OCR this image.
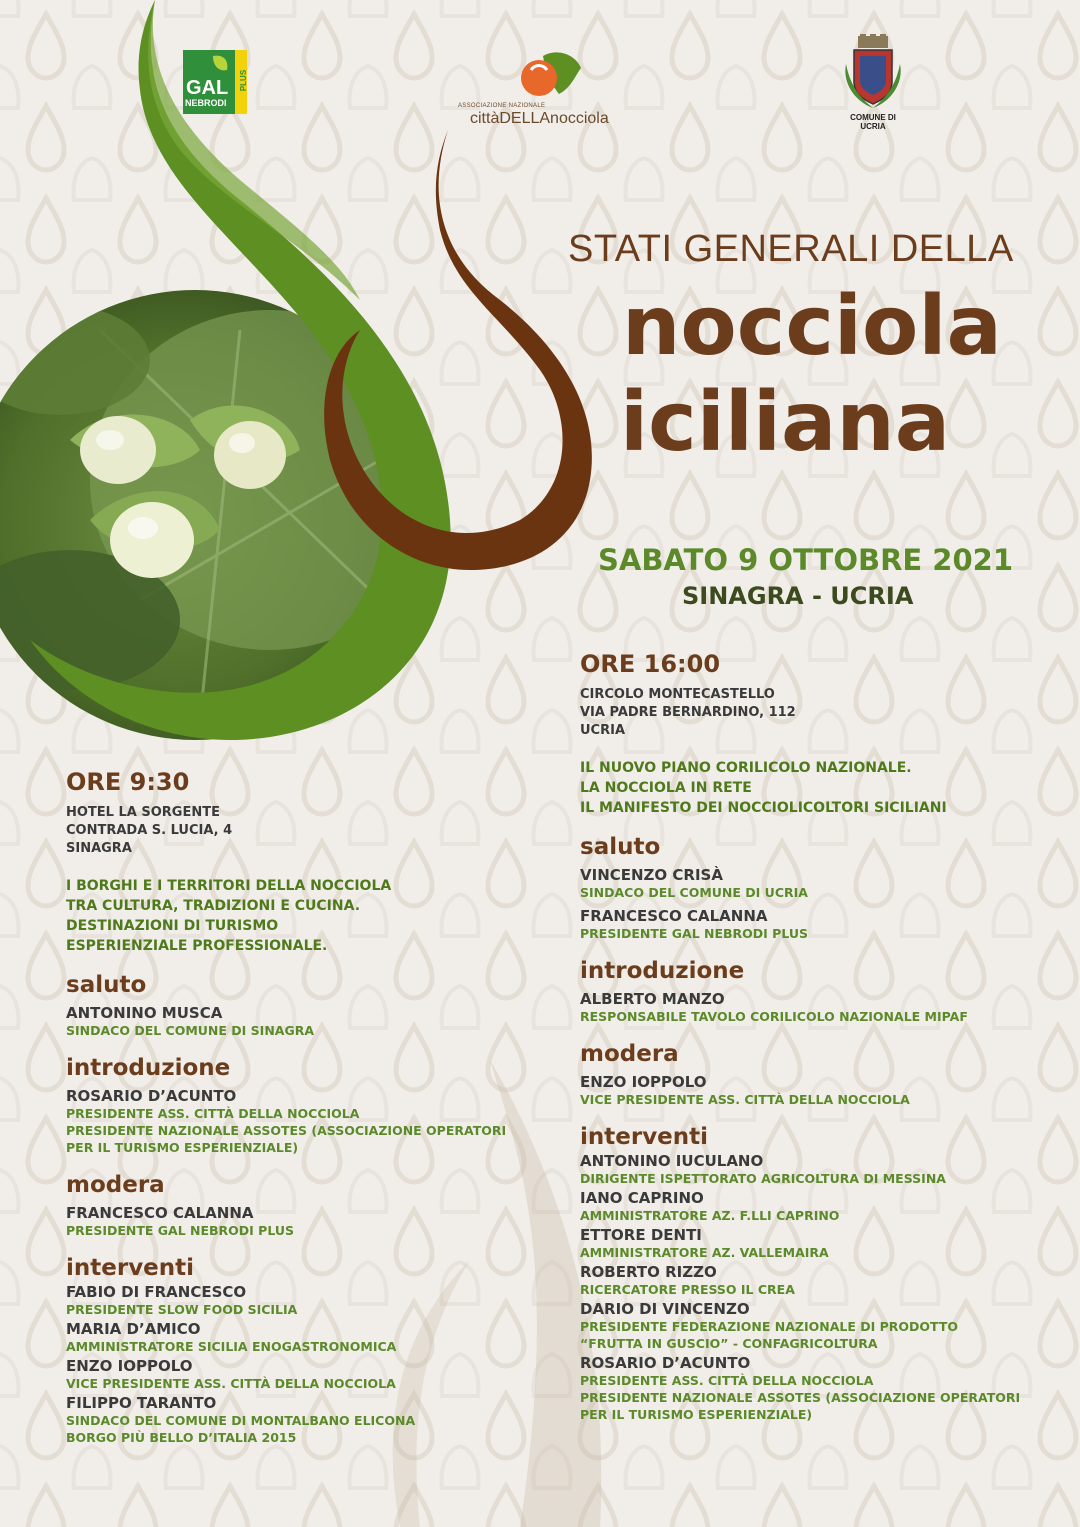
GAL
NEBRODI
PLUS
ASSOCIAZIONE NAZIONALE
cittàDELLAnocciola	COMUNE DI
UCRIA
STATI GENERALI DELLA
nocciola
iciliana
SABATO 9 OTTOBRE 2021
SINAGRA - UCRIA
ORE 9:30
HOTEL LA SORGENTE
CONTRADA S. LUCIA, 4
SINAGRA
I BORGHI E I TERRITORI DELLA NOCCIOLA
TRA CULTURA, TRADIZIONI E CUCINA.
DESTINAZIONI DI TURISMO
ESPERIENZIALE PROFESSIONALE.
saluto
ANTONINO MUSCA
SINDACO DEL COMUNE DI SINAGRA
introduzione
ROSARIO D’ACUNTO
PRESIDENTE ASS. CITTÀ DELLA NOCCIOLA
PRESIDENTE NAZIONALE ASSOTES (ASSOCIAZIONE OPERATORI
PER IL TURISMO ESPERIENZIALE)
modera
FRANCESCO CALANNA
PRESIDENTE GAL NEBRODI PLUS
interventi
FABIO DI FRANCESCO
PRESIDENTE SLOW FOOD SICILIA
MARIA D’AMICO
AMMINISTRATORE SICILIA ENOGASTRONOMICA
ENZO IOPPOLO
VICE PRESIDENTE ASS. CITTÀ DELLA NOCCIOLA
FILIPPO TARANTO
SINDACO DEL COMUNE DI MONTALBANO ELICONA
BORGO PIÙ BELLO D’ITALIA 2015
ORE 16:00
CIRCOLO MONTECASTELLO
VIA PADRE BERNARDINO, 112
UCRIA
IL NUOVO PIANO CORILICOLO NAZIONALE.
LA NOCCIOLA IN RETE
IL MANIFESTO DEI NOCCIOLICOLTORI SICILIANI
saluto
VINCENZO CRISÀ
SINDACO DEL COMUNE DI UCRIA
FRANCESCO CALANNA
PRESIDENTE GAL NEBRODI PLUS
introduzione
ALBERTO MANZO
RESPONSABILE TAVOLO CORILICOLO NAZIONALE MIPAF
modera
ENZO IOPPOLO
VICE PRESIDENTE ASS. CITTÀ DELLA NOCCIOLA
interventi
ANTONINO IUCULANO
DIRIGENTE ISPETTORATO AGRICOLTURA DI MESSINA
IANO CAPRINO
AMMINISTRATORE AZ. F.LLI CAPRINO
ETTORE DENTI
AMMINISTRATORE AZ. VALLEMAIRA
ROBERTO RIZZO
RICERCATORE PRESSO IL CREA
DARIO DI VINCENZO
PRESIDENTE FEDERAZIONE NAZIONALE DI PRODOTTO
“FRUTTA IN GUSCIO” - CONFAGRICOLTURA
ROSARIO D’ACUNTO
PRESIDENTE ASS. CITTÀ DELLA NOCCIOLA
PRESIDENTE NAZIONALE ASSOTES (ASSOCIAZIONE OPERATORI
PER IL TURISMO ESPERIENZIALE)
